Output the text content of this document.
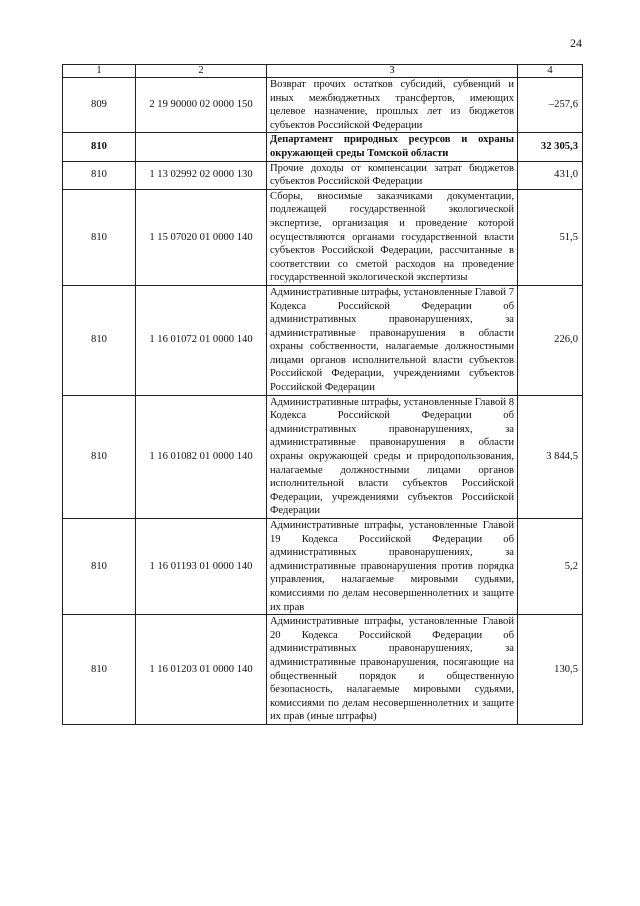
24
1	2	3	4
809	2 19 90000 02 0000 150	Возврат прочих остатков субсидий, субвенций и иных межбюджетных трансфертов, имеющих целевое назначение, прошлых лет из бюджетов субъектов Российской Федерации	–257,6
810		Департамент природных ресурсов и охраны окружающей среды Томской области	32 305,3
810	1 13 02992 02 0000 130	Прочие доходы от компенсации затрат бюджетов субъектов Российской Федерации	431,0
810	1 15 07020 01 0000 140	Сборы, вносимые заказчиками документации, подлежащей государственной экологической экспертизе, организация и проведение которой осуществляются органами государственной власти субъектов Российской Федерации, рассчитанные в соответствии со сметой расходов на проведение государственной экологической экспертизы	51,5
810	1 16 01072 01 0000 140	Административные штрафы, установленные Главой 7 Кодекса Российской Федерации об административных правонарушениях, за административные правонарушения в области охраны собственности, налагаемые должностными лицами органов исполнительной власти субъектов Российской Федерации, учреждениями субъектов Российской Федерации	226,0
810	1 16 01082 01 0000 140	Административные штрафы, установленные Главой 8 Кодекса Российской Федерации об административных правонарушениях, за административные правонарушения в области охраны окружающей среды и природопользования, налагаемые должностными лицами органов исполнительной власти субъектов Российской Федерации, учреждениями субъектов Российской Федерации	3 844,5
810	1 16 01193 01 0000 140	Административные штрафы, установленные Главой 19 Кодекса Российской Федерации об административных правонарушениях, за административные правонарушения против порядка управления, налагаемые мировыми судьями, комиссиями по делам несовершеннолетних и защите их прав	5,2
810	1 16 01203 01 0000 140	Административные штрафы, установленные Главой 20 Кодекса Российской Федерации об административных правонарушениях, за административные правонарушения, посягающие на общественный порядок и общественную безопасность, налагаемые мировыми судьями, комиссиями по делам несовершеннолетних и защите их прав (иные штрафы)	130,5
